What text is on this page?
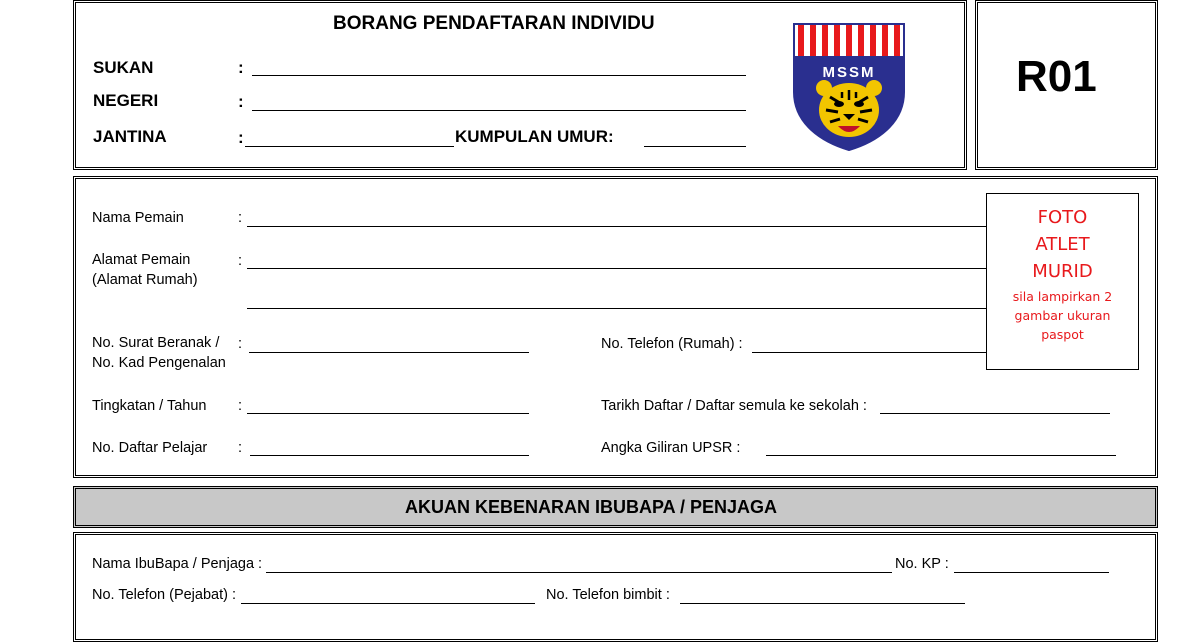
BORANG PENDAFTARAN INDIVIDU
SUKAN	:
NEGERI	:
JANTINA	:	KUMPULAN UMUR:
MSSM	R01
Nama Pemain	:
Alamat Pemain
(Alamat Rumah)
:
No. Surat Beranak /
No. Kad Pengenalan
:	No. Telefon (Rumah) :
Tingkatan / Tahun :	Tarikh Daftar / Daftar semula ke sekolah :
No. Daftar Pelajar :	Angka Giliran UPSR :
FOTO
ATLET
MURID
sila lampirkan 2
gambar ukuran
paspot
AKUAN KEBENARAN IBUBAPA / PENJAGA
Nama IbuBapa / Penjaga :	No. KP :
No. Telefon (Pejabat) :	No. Telefon bimbit :
